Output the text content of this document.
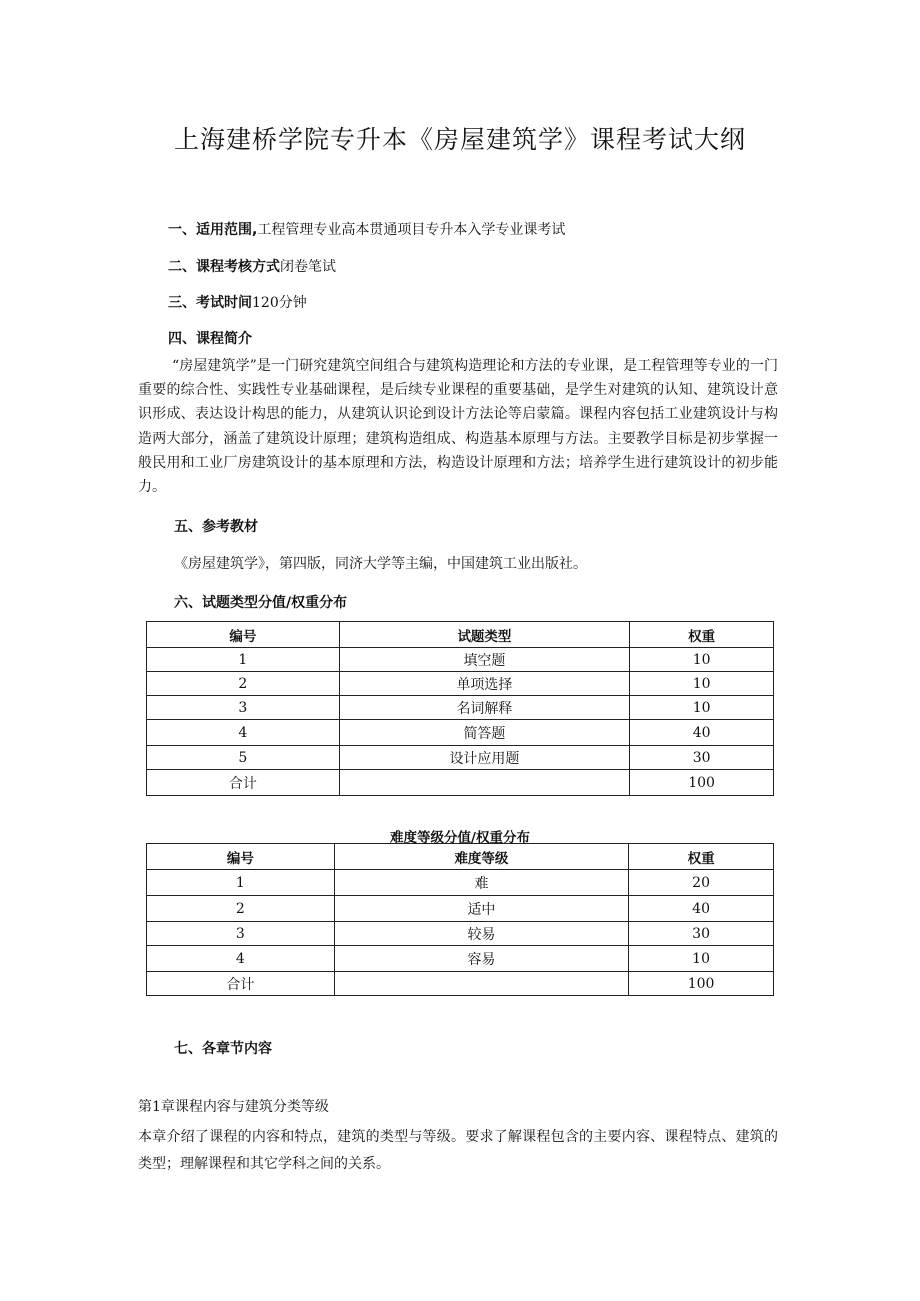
上海建桥学院专升本《房屋建筑学》课程考试大纲
一、适用范围,工程管理专业高本贯通项目专升本入学专业课考试
二、课程考核方式闭卷笔试
三、考试时间120分钟
四、课程简介
“房屋建筑学”是一门研究建筑空间组合与建筑构造理论和方法的专业课，是工程管理等专业的一门重要的综合性、实践性专业基础课程，是后续专业课程的重要基础，是学生对建筑的认知、建筑设计意识形成、表达设计构思的能力，从建筑认识论到设计方法论等启蒙篇。课程内容包括工业建筑设计与构造两大部分，涵盖了建筑设计原理；建筑构造组成、构造基本原理与方法。主要教学目标是初步掌握一般民用和工业厂房建筑设计的基本原理和方法，构造设计原理和方法；培养学生进行建筑设计的初步能力。
五、参考教材
《房屋建筑学》，第四版，同济大学等主编，中国建筑工业出版社。
六、试题类型分值/权重分布
编号	试题类型	权重
1	填空题	10
2	单项选择	10
3	名词解释	10
4	简答题	40
5	设计应用题	30
合计		100
难度等级分值/权重分布
编号	难度等级	权重
1	难	20
2	适中	40
3	较易	30
4	容易	10
合计		100
七、各章节内容
第1章课程内容与建筑分类等级
本章介绍了课程的内容和特点，建筑的类型与等级。要求了解课程包含的主要内容、课程特点、建筑的类型；理解课程和其它学科之间的关系。
